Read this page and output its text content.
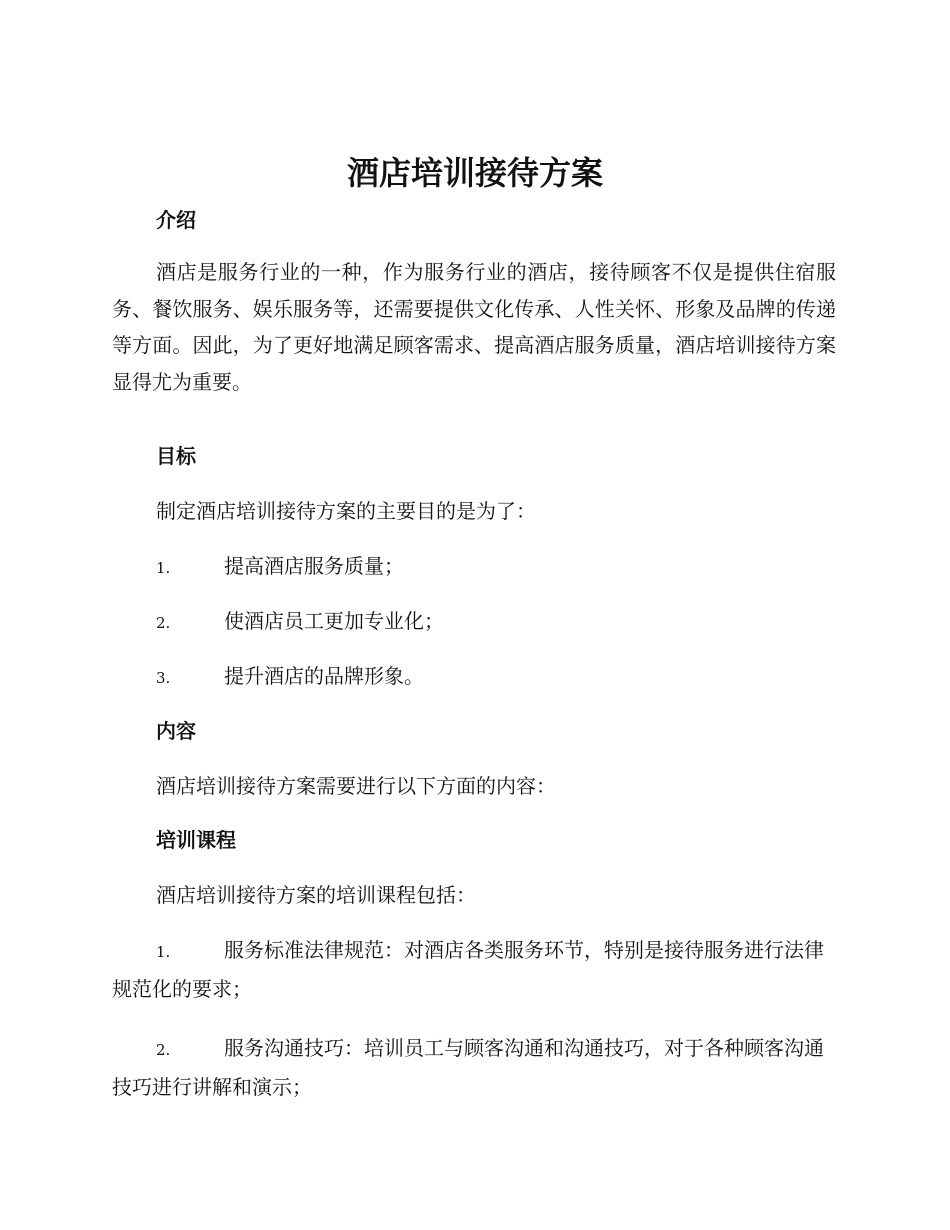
酒店培训接待方案
介绍

酒店是服务行业的一种，作为服务行业的酒店，接待顾客不仅是提供住宿服务、餐饮服务、娱乐服务等，还需要提供文化传承、人性关怀、形象及品牌的传递等方面。因此，为了更好地满足顾客需求、提高酒店服务质量，酒店培训接待方案显得尤为重要。

目标

制定酒店培训接待方案的主要目的是为了：

1.	提高酒店服务质量；

2.	使酒店员工更加专业化；

3.	提升酒店的品牌形象。

内容

酒店培训接待方案需要进行以下方面的内容：

培训课程

酒店培训接待方案的培训课程包括：

1.	服务标准法律规范：对酒店各类服务环节，特别是接待服务进行法律规范化的要求；

2.	服务沟通技巧：培训员工与顾客沟通和沟通技巧，对于各种顾客沟通技巧进行讲解和演示；
